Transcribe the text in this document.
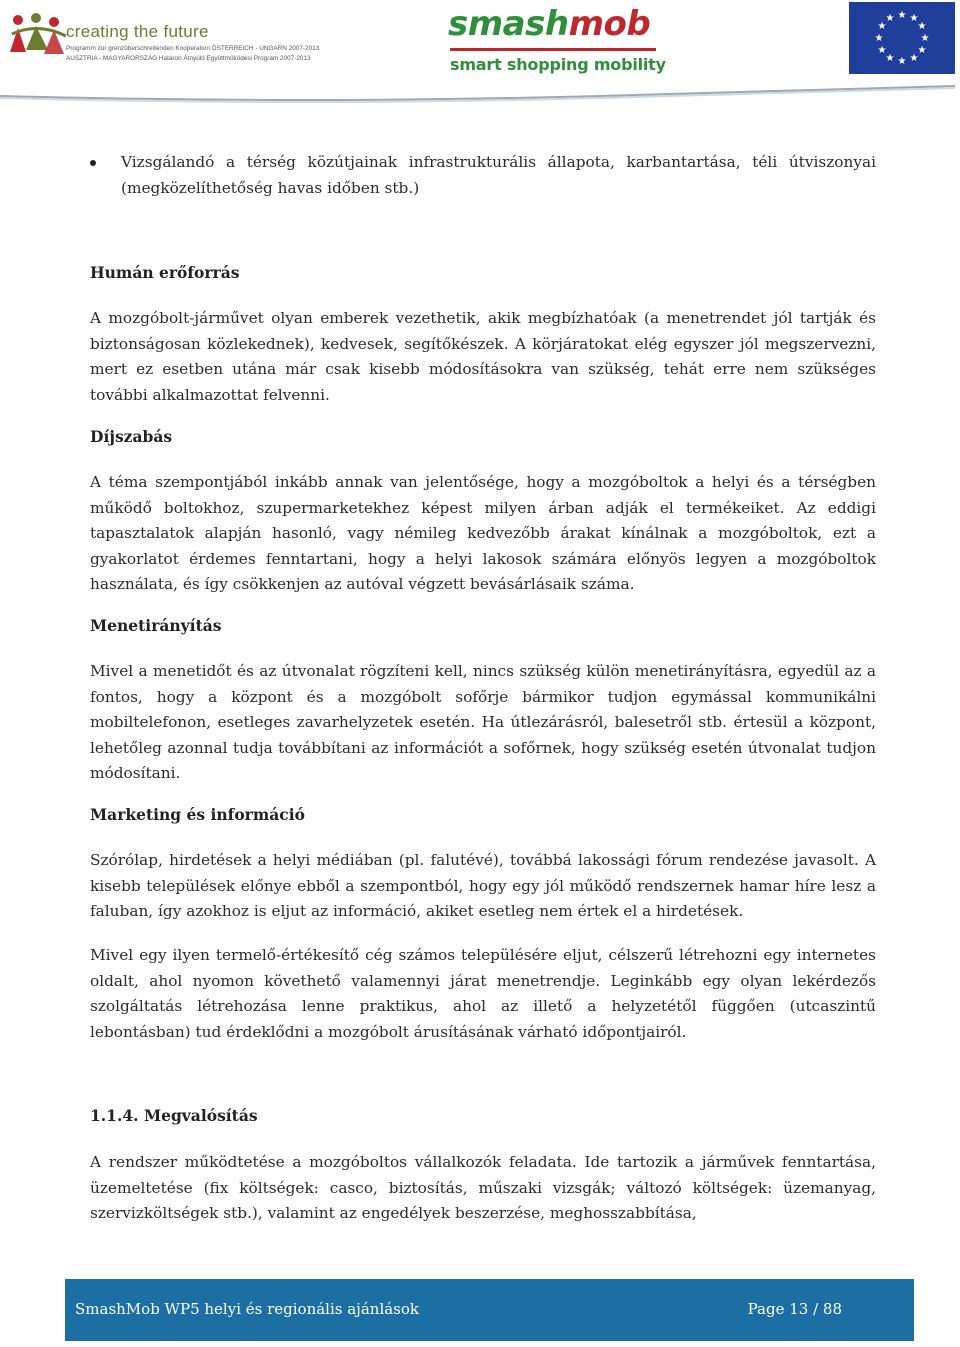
creating the future
Programm zur grenzüberschreitenden Kooperation ÖSTERREICH - UNGARN 2007-2013
AUSZTRIA - MAGYARORSZÁG Határon Átnyúló Együttműködési Program 2007-2013
smashmob
smart shopping mobility
★ ★
★
★
★
★
★
★
★
★
★
★

Vizsgálandó a térség közútjainak infrastrukturális állapota, karbantartása, téli útviszonyai (megközelíthetőség havas időben stb.)

Humán erőforrás

A mozgóbolt-járművet olyan emberek vezethetik, akik megbízhatóak (a menetrendet jól tartják és biztonságosan közlekednek), kedvesek, segítőkészek. A körjáratokat elég egyszer jól megszervezni, mert ez esetben utána már csak kisebb módosításokra van szükség, tehát erre nem szükséges további alkalmazottat felvenni.

Díjszabás

A téma szempontjából inkább annak van jelentősége, hogy a mozgóboltok a helyi és a térségben működő boltokhoz, szupermarketekhez képest milyen árban adják el termékeiket. Az eddigi tapasztalatok alapján hasonló, vagy némileg kedvezőbb árakat kínálnak a mozgóboltok, ezt a gyakorlatot érdemes fenntartani, hogy a helyi lakosok számára előnyös legyen a mozgóboltok használata, és így csökkenjen az autóval végzett bevásárlásaik száma.

Menetirányítás

Mivel a menetidőt és az útvonalat rögzíteni kell, nincs szükség külön menetirányításra, egyedül az a fontos, hogy a központ és a mozgóbolt sofőrje bármikor tudjon egymással kommunikálni mobiltelefonon, esetleges zavarhelyzetek esetén. Ha útlezárásról, balesetről stb. értesül a központ, lehetőleg azonnal tudja továbbítani az információt a sofőrnek, hogy szükség esetén útvonalat tudjon módosítani.

Marketing és információ

Szórólap, hirdetések a helyi médiában (pl. falutévé), továbbá lakossági fórum rendezése javasolt. A kisebb települések előnye ebből a szempontból, hogy egy jól működő rendszernek hamar híre lesz a faluban, így azokhoz is eljut az információ, akiket esetleg nem értek el a hirdetések.

Mivel egy ilyen termelő-értékesítő cég számos településére eljut, célszerű létrehozni egy internetes oldalt, ahol nyomon követhető valamennyi járat menetrendje. Leginkább egy olyan lekérdezős szolgáltatás létrehozása lenne praktikus, ahol az illető a helyzetétől függően (utcaszintű lebontásban) tud érdeklődni a mozgóbolt árusításának várható időpontjairól.

1.1.4. Megvalósítás

A rendszer működtetése a mozgóboltos vállalkozók feladata. Ide tartozik a járművek fenntartása, üzemeltetése (fix költségek: casco, biztosítás, műszaki vizsgák; változó költségek: üzemanyag, szervizköltségek stb.), valamint az engedélyek beszerzése, meghosszabbítása,

SmashMob WP5 helyi és regionális ajánlások	Page 13 / 88
